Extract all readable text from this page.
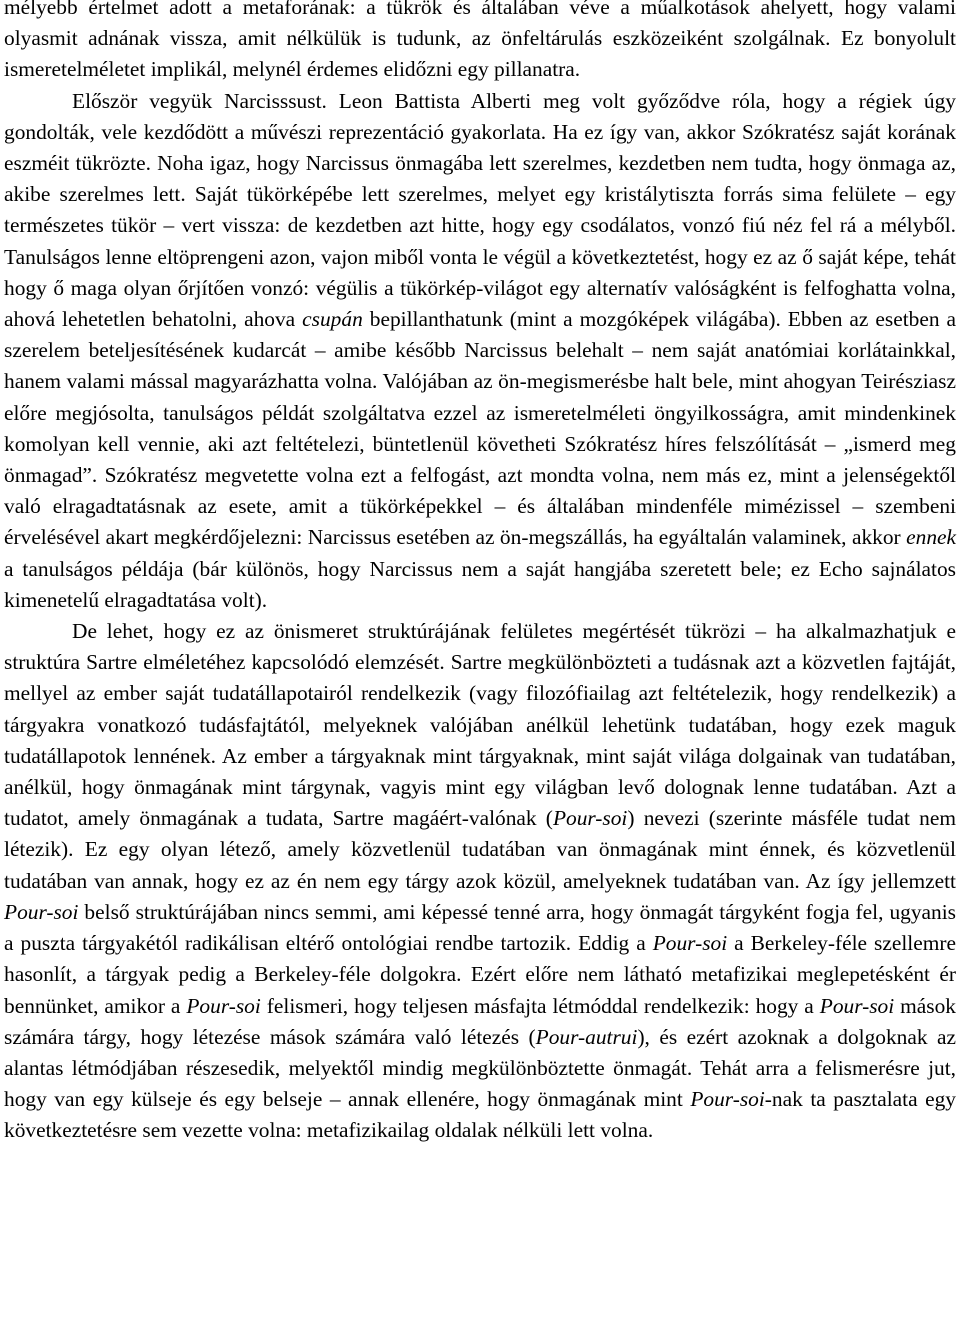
mélyebb értelmet adott a metaforának: a tükrök és általában véve a műalkotások ahelyett, hogy valami olyasmit adnának vissza, amit nélkülük is tudunk, az önfeltárulás eszközeiként szolgálnak. Ez bonyolult ismeretelméletet implikál, melynél érdemes elidőzni egy pillanatra.

Először vegyük Narcisssust. Leon Battista Alberti meg volt győződve róla, hogy a régiek úgy gondolták, vele kezdődött a művészi reprezentáció gyakorlata. Ha ez így van, akkor Szókratész saját korának eszméit tükrözte. Noha igaz, hogy Narcissus önmagába lett szerelmes, kezdetben nem tudta, hogy önmaga az, akibe szerelmes lett. Saját tükörképébe lett szerelmes, melyet egy kristálytiszta forrás sima felülete – egy természetes tükör – vert vissza: de kezdetben azt hitte, hogy egy csodálatos, vonzó fiú néz fel rá a mélyből. Tanulságos lenne eltöprengeni azon, vajon miből vonta le végül a következtetést, hogy ez az ő saját képe, tehát hogy ő maga olyan őrjítően vonzó: végülis a tükörkép-világot egy alternatív valóságként is felfoghatta volna, ahová lehetetlen behatolni, ahova csupán bepillanthatunk (mint a mozgóképek világába). Ebben az esetben a szerelem beteljesítésének kudarcát – amibe később Narcissus belehalt – nem saját anatómiai korlátainkkal, hanem valami mással magyarázhatta volna. Valójában az ön-megismerésbe halt bele, mint ahogyan Teirésziasz előre megjósolta, tanulságos példát szolgáltatva ezzel az ismeretelméleti öngyilkosságra, amit mindenkinek komolyan kell vennie, aki azt feltételezi, büntetlenül követheti Szókratész híres felszólítását – „ismerd meg önmagad”. Szókratész megvetette volna ezt a felfogást, azt mondta volna, nem más ez, mint a jelenségektől való elragadtatásnak az esete, amit a tükörképekkel – és általában mindenféle mimézissel – szembeni érvelésével akart megkérdőjelezni: Narcissus esetében az ön-megszállás, ha egyáltalán valaminek, akkor ennek a tanulságos példája (bár különös, hogy Narcissus nem a saját hangjába szeretett bele; ez Echo sajnálatos kimenetelű elragadtatása volt).

De lehet, hogy ez az önismeret struktúrájának felületes megértését tükrözi – ha alkalmazhatjuk e struktúra Sartre elméletéhez kapcsolódó elemzését. Sartre megkülönbözteti a tudásnak azt a közvetlen fajtáját, mellyel az ember saját tudatállapotairól rendelkezik (vagy filozófiailag azt feltételezik, hogy rendelkezik) a tárgyakra vonatkozó tudásfajtától, melyeknek valójában anélkül lehetünk tudatában, hogy ezek maguk tudatállapotok lennének. Az ember a tárgyaknak mint tárgyaknak, mint saját világa dolgainak van tudatában, anélkül, hogy önmagának mint tárgynak, vagyis mint egy világban levő dolognak lenne tudatában. Azt a tudatot, amely önmagának a tudata, Sartre magáért-valónak (Pour-soi) nevezi (szerinte másféle tudat nem létezik). Ez egy olyan létező, amely közvetlenül tudatában van önmagának mint énnek, és közvetlenül tudatában van annak, hogy ez az én nem egy tárgy azok közül, amelyeknek tudatában van. Az így jellemzett Pour-soi belső struktúrájában nincs semmi, ami képessé tenné arra, hogy önmagát tárgyként fogja fel, ugyanis a puszta tárgyakétól radikálisan eltérő ontológiai rendbe tartozik. Eddig a Pour-soi a Berkeley-féle szellemre hasonlít, a tárgyak pedig a Berkeley-féle dolgokra. Ezért előre nem látható metafizikai meglepetésként ér bennünket, amikor a Pour-soi felismeri, hogy teljesen másfajta létmóddal rendelkezik: hogy a Pour-soi mások számára tárgy, hogy létezése mások számára való létezés (Pour-autrui), és ezért azoknak a dolgoknak az alantas létmódjában részesedik, melyektől mindig megkülönböztette önmagát. Tehát arra a felismerésre jut, hogy van egy külseje és egy belseje – annak ellenére, hogy önmagának mint Pour-soi-nak ta pasztalata egy következtetésre sem vezette volna: metafizikailag oldalak nélküli lett volna.
